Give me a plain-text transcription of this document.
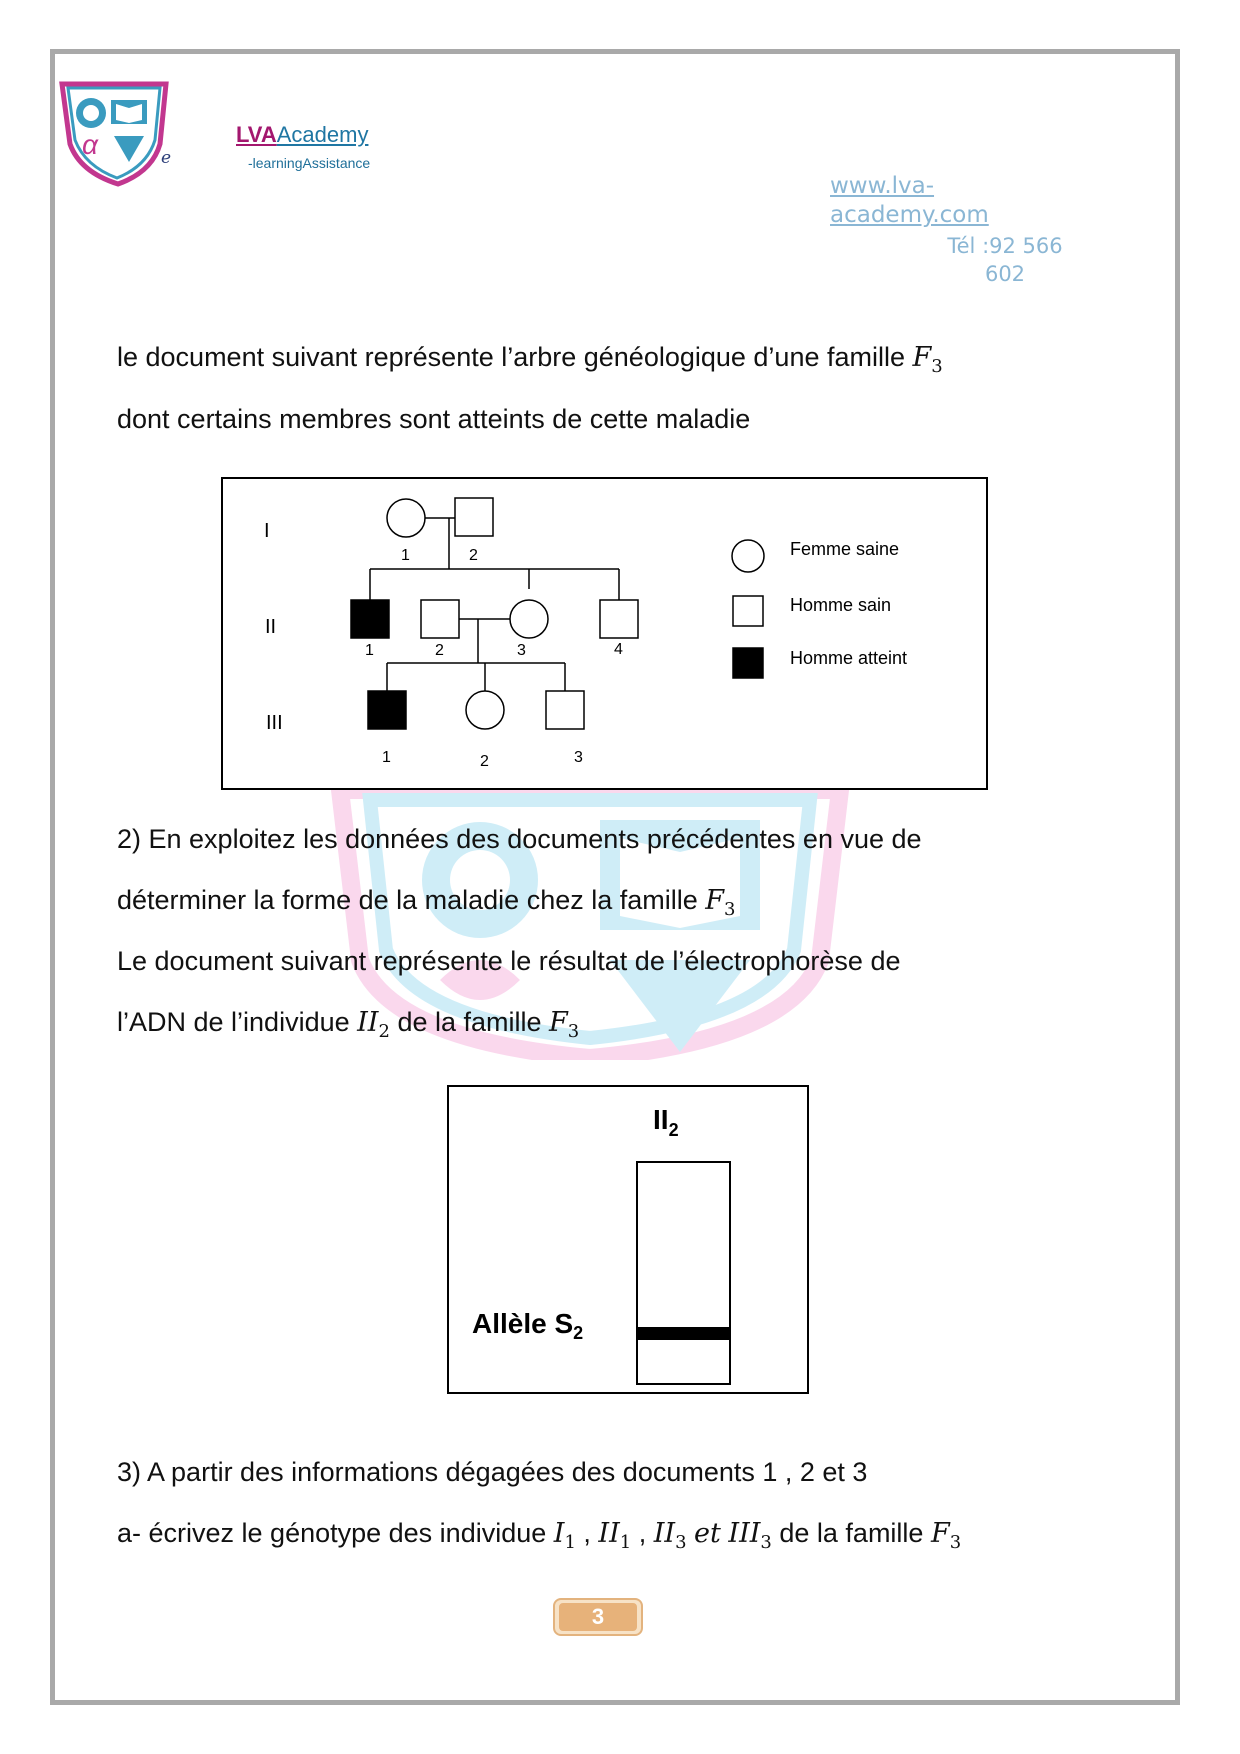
α	e
LVAAcademy
-learningAssistance
www.lva-academy.com
Tél :92 566 602
le document suivant représente l’arbre généologique d’une famille $F_3$
dont certains membres sont atteints de cette maladie
I
II
III
1	2
1	2	3	4
1	2	3
Femme saine
Homme sain
Homme atteint
2) En exploitez les données des documents précédentes en vue de
déterminer la forme de la maladie chez la famille $F_3$
Le document suivant représente le résultat de l’électrophorèse de
l’ADN de l’individue $II_2$ de la famille $F_3$
$II_2$
Allèle $S_2$
3) A partir des informations dégagées des documents 1 , 2 et 3
a- écrivez le génotype des individue $I_1$ , $II_1$ , $II_3$ et $III_3$ de la famille $F_3$
3
